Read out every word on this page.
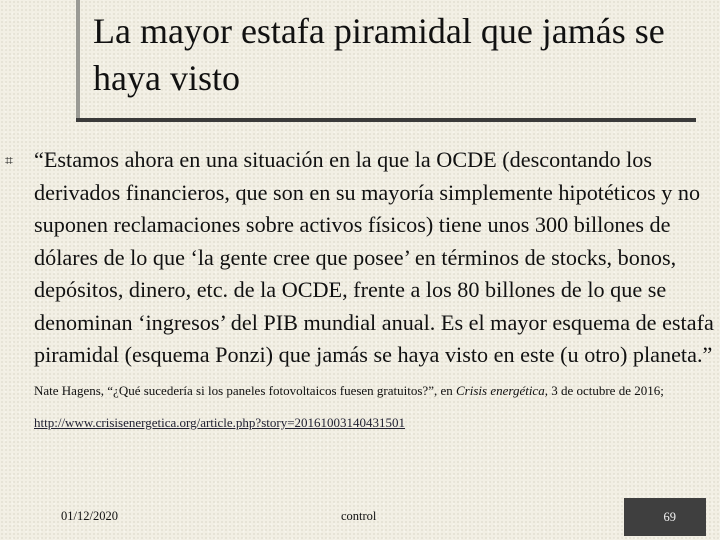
La mayor estafa piramidal que jamás se haya visto
⌗ “Estamos ahora en una situación en la que la OCDE (descontando los derivados financieros, que son en su mayoría simplemente hipotéticos y no suponen reclamaciones sobre activos físicos) tiene unos 300 billones de dólares de lo que ‘la gente cree que posee’ en términos de stocks, bonos, depósitos, dinero, etc. de la OCDE, frente a los 80 billones de lo que se denominan ‘ingresos’ del PIB mundial anual. Es el mayor esquema de estafa piramidal (esquema Ponzi) que jamás se haya visto en este (u otro) planeta.” Nate Hagens, “¿Qué sucedería si los paneles fotovoltaicos fuesen gratuitos?”, en Crisis energética, 3 de octubre de 2016; http://www.crisisenergetica.org/article.php?story=20161003140431501

01/12/2020	control	69
